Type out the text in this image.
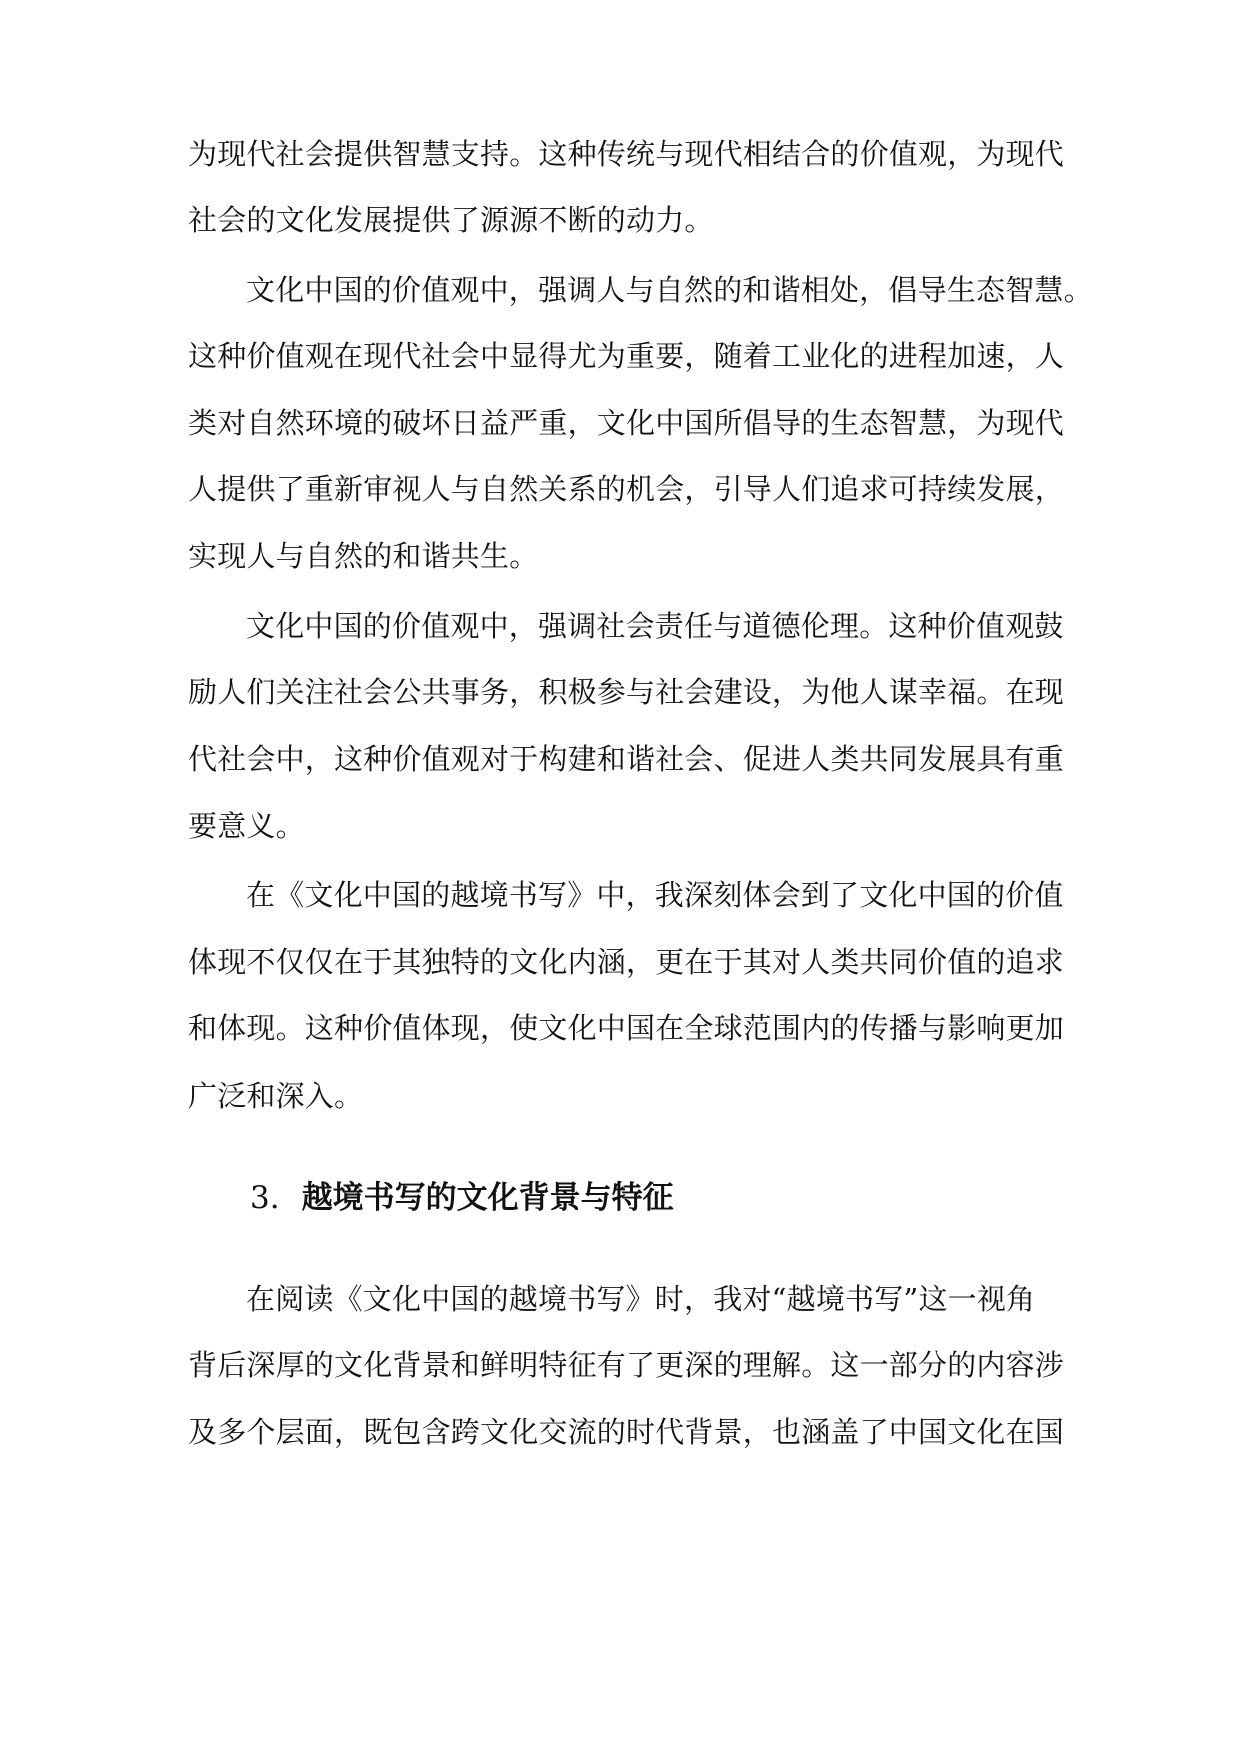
为现代社会提供智慧支持。这种传统与现代相结合的价值观，为现代
社会的文化发展提供了源源不断的动力。
文化中国的价值观中，强调人与自然的和谐相处，倡导生态智慧。
这种价值观在现代社会中显得尤为重要，随着工业化的进程加速，人
类对自然环境的破坏日益严重，文化中国所倡导的生态智慧，为现代
人提供了重新审视人与自然关系的机会，引导人们追求可持续发展，
实现人与自然的和谐共生。
文化中国的价值观中，强调社会责任与道德伦理。这种价值观鼓
励人们关注社会公共事务，积极参与社会建设，为他人谋幸福。在现
代社会中，这种价值观对于构建和谐社会、促进人类共同发展具有重
要意义。
在《文化中国的越境书写》中，我深刻体会到了文化中国的价值
体现不仅仅在于其独特的文化内涵，更在于其对人类共同价值的追求
和体现。这种价值体现，使文化中国在全球范围内的传播与影响更加
广泛和深入。
3. 越境书写的文化背景与特征
在阅读《文化中国的越境书写》时，我对“越境书写”这一视角
背后深厚的文化背景和鲜明特征有了更深的理解。这一部分的内容涉
及多个层面，既包含跨文化交流的时代背景，也涵盖了中国文化在国
